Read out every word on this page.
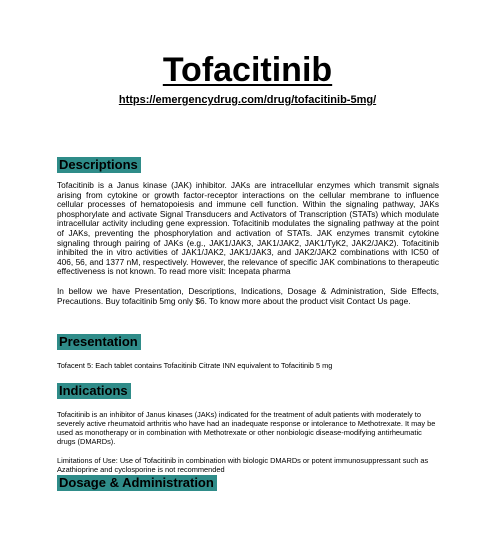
Tofacitinib
https://emergencydrug.com/drug/tofacitinib-5mg/
Descriptions

Tofacitinib is a Janus kinase (JAK) inhibitor. JAKs are intracellular enzymes which transmit signals arising from cytokine or growth factor-receptor interactions on the cellular membrane to influence cellular processes of hematopoiesis and immune cell function. Within the signaling pathway, JAKs phosphorylate and activate Signal Transducers and Activators of Transcription (STATs) which modulate intracellular activity including gene expression. Tofacitinib modulates the signaling pathway at the point of JAKs, preventing the phosphorylation and activation of STATs. JAK enzymes transmit cytokine signaling through pairing of JAKs (e.g., JAK1/JAK3, JAK1/JAK2, JAK1/TyK2, JAK2/JAK2). Tofacitinib inhibited the in vitro activities of JAK1/JAK2, JAK1/JAK3, and JAK2/JAK2 combinations with IC50 of 406, 56, and 1377 nM, respectively. However, the relevance of specific JAK combinations to therapeutic effectiveness is not known. To read more visit: Incepata pharma

In bellow we have Presentation, Descriptions, Indications, Dosage & Administration, Side Effects, Precautions. Buy tofacitinib 5mg only $6. To know more about the product visit Contact Us page.

Presentation

Tofacent 5: Each tablet contains Tofacitinib Citrate INN equivalent to Tofacitinib 5 mg

Indications

Tofacitinib is an inhibitor of Janus kinases (JAKs) indicated for the treatment of adult patients with moderately to severely active rheumatoid arthritis who have had an inadequate response or intolerance to Methotrexate. It may be used as monotherapy or in combination with Methotrexate or other nonbiologic disease-modifying antirheumatic drugs (DMARDs).

Limitations of Use: Use of Tofacitinib in combination with biologic DMARDs or potent immunosuppressant such as Azathioprine and cyclosporine is not recommended

Dosage & Administration
